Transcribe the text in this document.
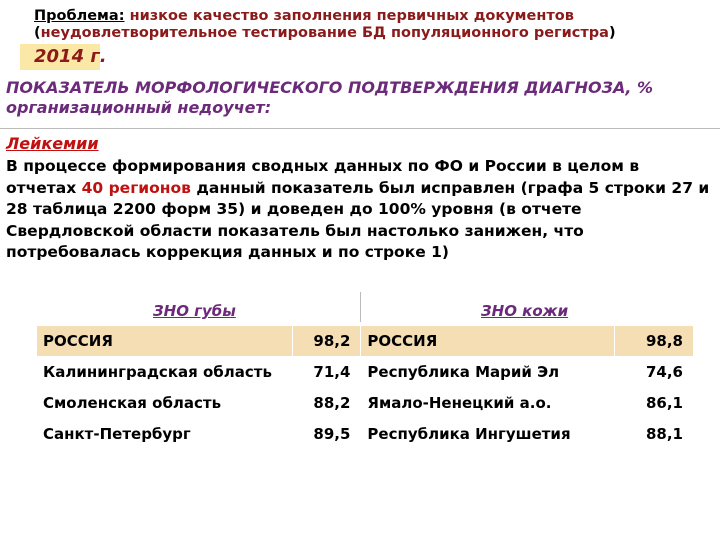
Проблема: низкое качество заполнения первичных документов
(неудовлетворительное тестирование БД популяционного регистра)
2014 г.
ПОКАЗАТЕЛЬ МОРФОЛОГИЧЕСКОГО ПОДТВЕРЖДЕНИЯ ДИАГНОЗА, %
организационный недоучет:
Лейкемии
В процессе формирования сводных данных по ФО и России в целом в отчетах 40 регионов данный показатель был исправлен (графа 5 строки 27 и 28 таблица 2200 форм 35) и доведен до 100% уровня (в отчете Свердловской области показатель был настолько занижен, что потребовалась коррекция данных и по строке 1)
ЗНО губы	ЗНО кожи
РОССИЯ	98,2	РОССИЯ	98,8
Калининградская область	71,4	Республика Марий Эл	74,6
Смоленская область	88,2	Ямало-Ненецкий а.о.	86,1
Санкт-Петербург	89,5	Республика Ингушетия	88,1
